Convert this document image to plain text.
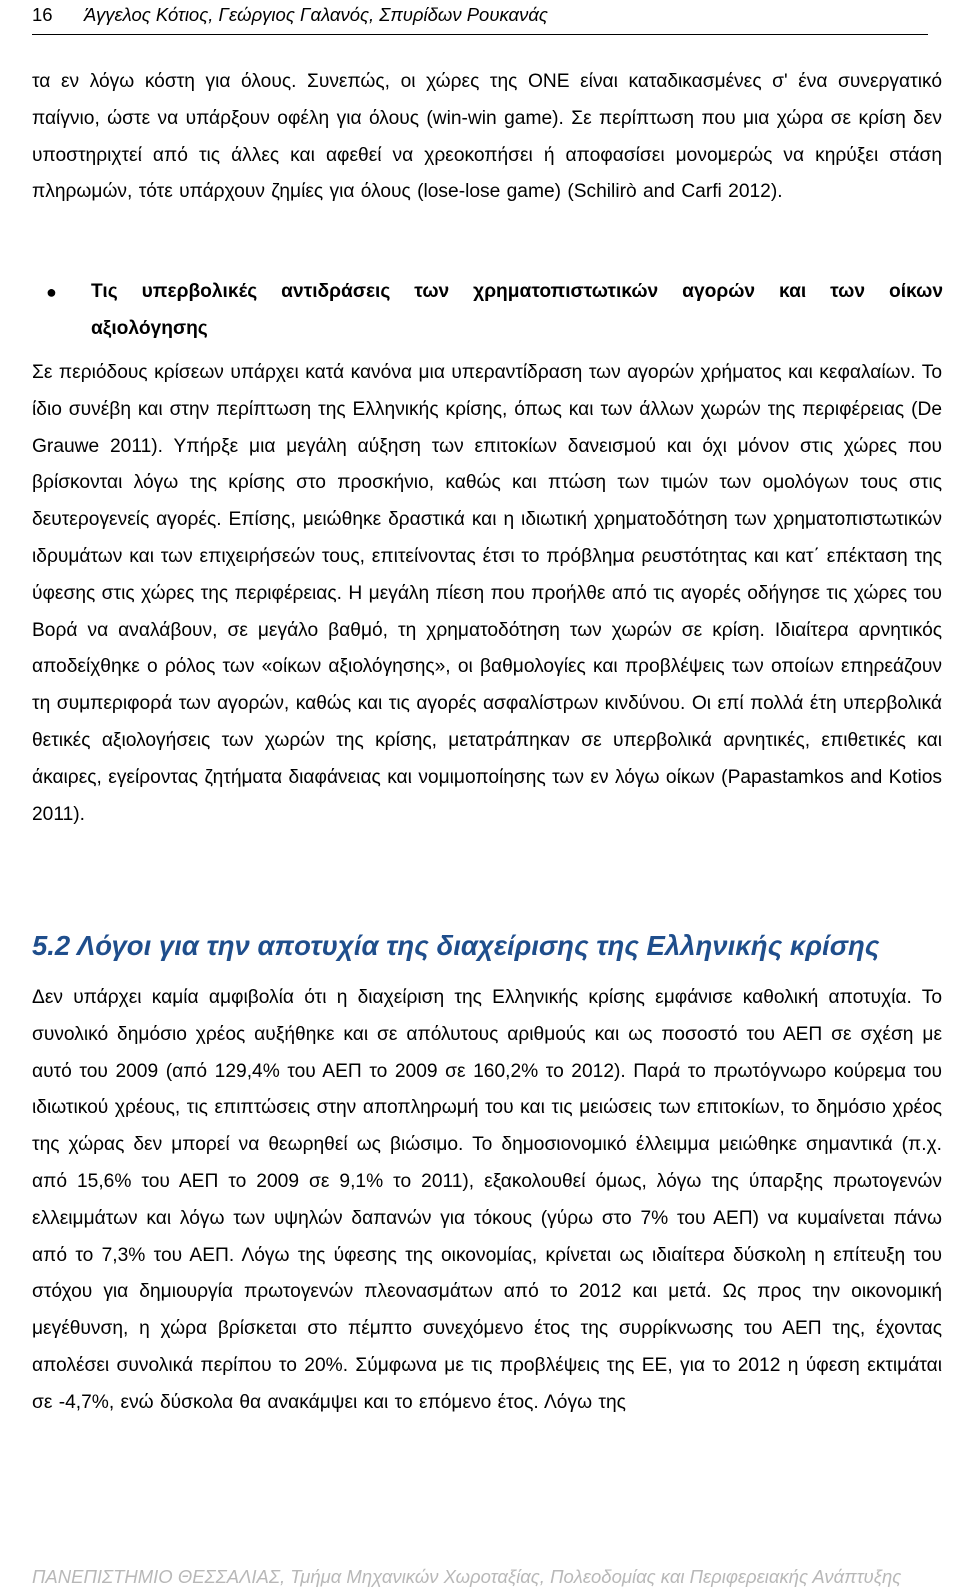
16 Άγγελος Κότιος, Γεώργιος Γαλανός, Σπυρίδων Ρουκανάς
τα εν λόγω κόστη για όλους. Συνεπώς, οι χώρες της ΟΝΕ είναι καταδικασμένες σ' ένα συνεργατικό παίγνιο, ώστε να υπάρξουν οφέλη για όλους (win-win game). Σε περίπτωση που μια χώρα σε κρίση δεν υποστηριχτεί από τις άλλες και αφεθεί να χρεοκοπήσει ή αποφασίσει μονομερώς να κηρύξει στάση πληρωμών, τότε υπάρχουν ζημίες για όλους (lose-lose game) (Schilirò and Carfi 2012).
● Τις υπερβολικές αντιδράσεις των χρηματοπιστωτικών αγορών και των οίκων αξιολόγησης
Σε περιόδους κρίσεων υπάρχει κατά κανόνα μια υπεραντίδραση των αγορών χρήματος και κεφαλαίων. Το ίδιο συνέβη και στην περίπτωση της Ελληνικής κρίσης, όπως και των άλλων χωρών της περιφέρειας (De Grauwe 2011). Υπήρξε μια μεγάλη αύξηση των επιτοκίων δανεισμού και όχι μόνον στις χώρες που βρίσκονται λόγω της κρίσης στο προσκήνιο, καθώς και πτώση των τιμών των ομολόγων τους στις δευτερογενείς αγορές. Επίσης, μειώθηκε δραστικά και η ιδιωτική χρηματοδότηση των χρηματοπιστωτικών ιδρυμάτων και των επιχειρήσεών τους, επιτείνοντας έτσι το πρόβλημα ρευστότητας και κατ΄ επέκταση της ύφεσης στις χώρες της περιφέρειας. Η μεγάλη πίεση που προήλθε από τις αγορές οδήγησε τις χώρες του Βορά να αναλάβουν, σε μεγάλο βαθμό, τη χρηματοδότηση των χωρών σε κρίση. Ιδιαίτερα αρνητικός αποδείχθηκε ο ρόλος των «οίκων αξιολόγησης», οι βαθμολογίες και προβλέψεις των οποίων επηρεάζουν τη συμπεριφορά των αγορών, καθώς και τις αγορές ασφαλίστρων κινδύνου. Οι επί πολλά έτη υπερβολικά θετικές αξιολογήσεις των χωρών της κρίσης, μετατράπηκαν σε υπερβολικά αρνητικές, επιθετικές και άκαιρες, εγείροντας ζητήματα διαφάνειας και νομιμοποίησης των εν λόγω οίκων (Papastamkos and Kotios 2011).
5.2 Λόγοι για την αποτυχία της διαχείρισης της Ελληνικής κρίσης
Δεν υπάρχει καμία αμφιβολία ότι η διαχείριση της Ελληνικής κρίσης εμφάνισε καθολική αποτυχία. Το συνολικό δημόσιο χρέος αυξήθηκε και σε απόλυτους αριθμούς και ως ποσοστό του ΑΕΠ σε σχέση με αυτό του 2009 (από 129,4% του ΑΕΠ το 2009 σε 160,2% το 2012). Παρά το πρωτόγνωρο κούρεμα του ιδιωτικού χρέους, τις επιπτώσεις στην αποπληρωμή του και τις μειώσεις των επιτοκίων, το δημόσιο χρέος της χώρας δεν μπορεί να θεωρηθεί ως βιώσιμο. Το δημοσιονομικό έλλειμμα μειώθηκε σημαντικά (π.χ. από 15,6% του ΑΕΠ το 2009 σε 9,1% το 2011), εξακολουθεί όμως, λόγω της ύπαρξης πρωτογενών ελλειμμάτων και λόγω των υψηλών δαπανών για τόκους (γύρω στο 7% του ΑΕΠ) να κυμαίνεται πάνω από το 7,3% του ΑΕΠ. Λόγω της ύφεσης της οικονομίας, κρίνεται ως ιδιαίτερα δύσκολη η επίτευξη του στόχου για δημιουργία πρωτογενών πλεονασμάτων από το 2012 και μετά. Ως προς την οικονομική μεγέθυνση, η χώρα βρίσκεται στο πέμπτο συνεχόμενο έτος της συρρίκνωσης του ΑΕΠ της, έχοντας απολέσει συνολικά περίπου το 20%. Σύμφωνα με τις προβλέψεις της ΕΕ, για το 2012 η ύφεση εκτιμάται σε -4,7%, ενώ δύσκολα θα ανακάμψει και το επόμενο έτος. Λόγω της
ΠΑΝΕΠΙΣΤΗΜΙΟ ΘΕΣΣΑΛΙΑΣ, Τμήμα Μηχανικών Χωροταξίας, Πολεοδομίας και Περιφερειακής Ανάπτυξης
